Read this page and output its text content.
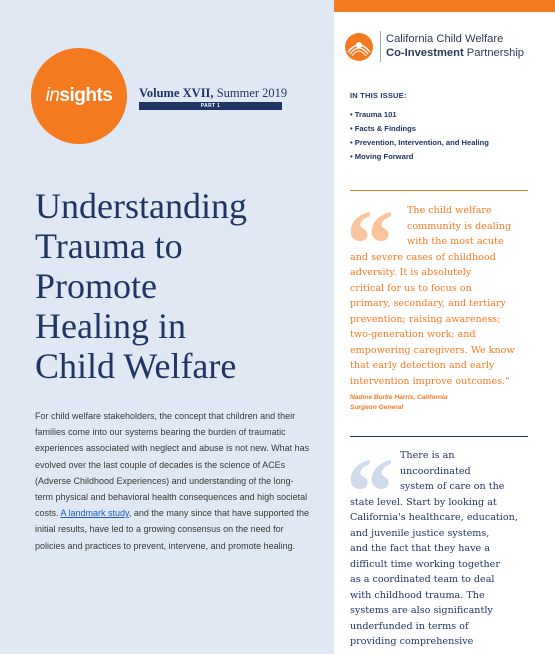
insights Volume XVII, Summer 2019
PART 1
Understanding
Trauma to
Promote
Healing in
Child Welfare

For child welfare stakeholders, the concept that children and their families come into our systems bearing the burden of traumatic experiences associated with neglect and abuse is not new. What has evolved over the last couple of decades is the science of ACEs (Adverse Childhood Experiences) and understanding of the long-term physical and behavioral health consequences and high societal costs. A landmark study, and the many since that have supported the initial results, have led to a growing consensus on the need for policies and practices to prevent, intervene, and promote healing.

California Child Welfare
Co-Investment Partnership
IN THIS ISSUE:
• Trauma 101
• Facts & Findings
• Prevention, Intervention, and Healing
• Moving Forward
The child welfare
community is dealing
with the most acute
and severe cases of childhood
adversity. It is absolutely
critical for us to focus on
primary, secondary, and tertiary
prevention; raising awareness;
two-generation work; and
empowering caregivers. We know
that early detection and early
intervention improve outcomes."
Nadine Burke Harris, California
Surgeon General
There is an
uncoordinated
system of care on the
state level. Start by looking at
California's healthcare, education,
and juvenile justice systems,
and the fact that they have a
difficult time working together
as a coordinated team to deal
with childhood trauma. The
systems are also significantly
underfunded in terms of
providing comprehensive
